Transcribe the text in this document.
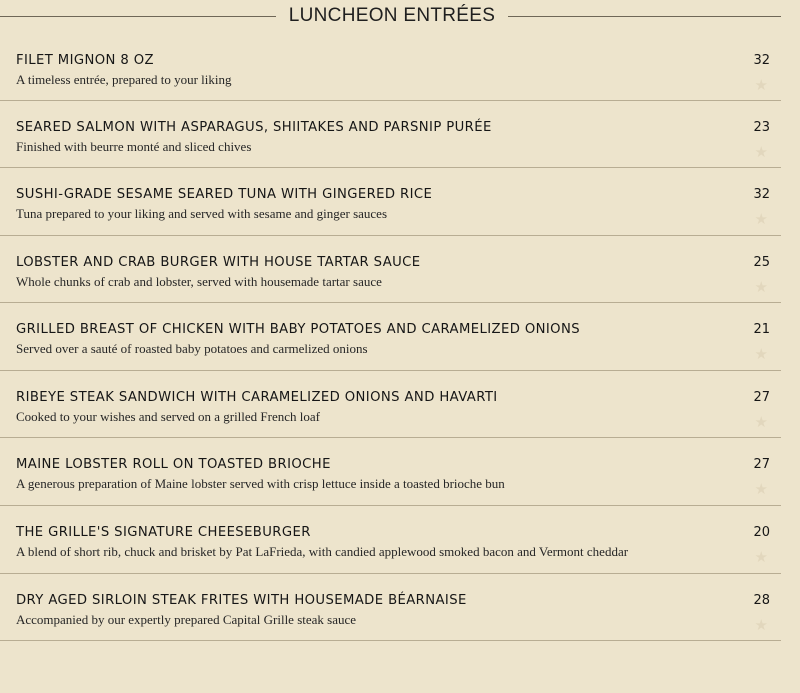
LUNCHEON ENTRÉES
FILET MIGNON 8 OZ
A timeless entrée, prepared to your liking
32
★
SEARED SALMON WITH ASPARAGUS, SHIITAKES AND PARSNIP PURÉE
Finished with beurre monté and sliced chives
23
★
SUSHI-GRADE SESAME SEARED TUNA WITH GINGERED RICE
Tuna prepared to your liking and served with sesame and ginger sauces
32
★
LOBSTER AND CRAB BURGER WITH HOUSE TARTAR SAUCE
Whole chunks of crab and lobster, served with housemade tartar sauce
25
★
GRILLED BREAST OF CHICKEN WITH BABY POTATOES AND CARAMELIZED ONIONS
Served over a sauté of roasted baby potatoes and carmelized onions
21
★
RIBEYE STEAK SANDWICH WITH CARAMELIZED ONIONS AND HAVARTI
Cooked to your wishes and served on a grilled French loaf
27
★
MAINE LOBSTER ROLL ON TOASTED BRIOCHE
A generous preparation of Maine lobster served with crisp lettuce inside a toasted brioche bun
27
★
THE GRILLE'S SIGNATURE CHEESEBURGER
A blend of short rib, chuck and brisket by Pat LaFrieda, with candied applewood smoked bacon and Vermont cheddar
20
★
DRY AGED SIRLOIN STEAK FRITES WITH HOUSEMADE BÉARNAISE
Accompanied by our expertly prepared Capital Grille steak sauce
28
★
